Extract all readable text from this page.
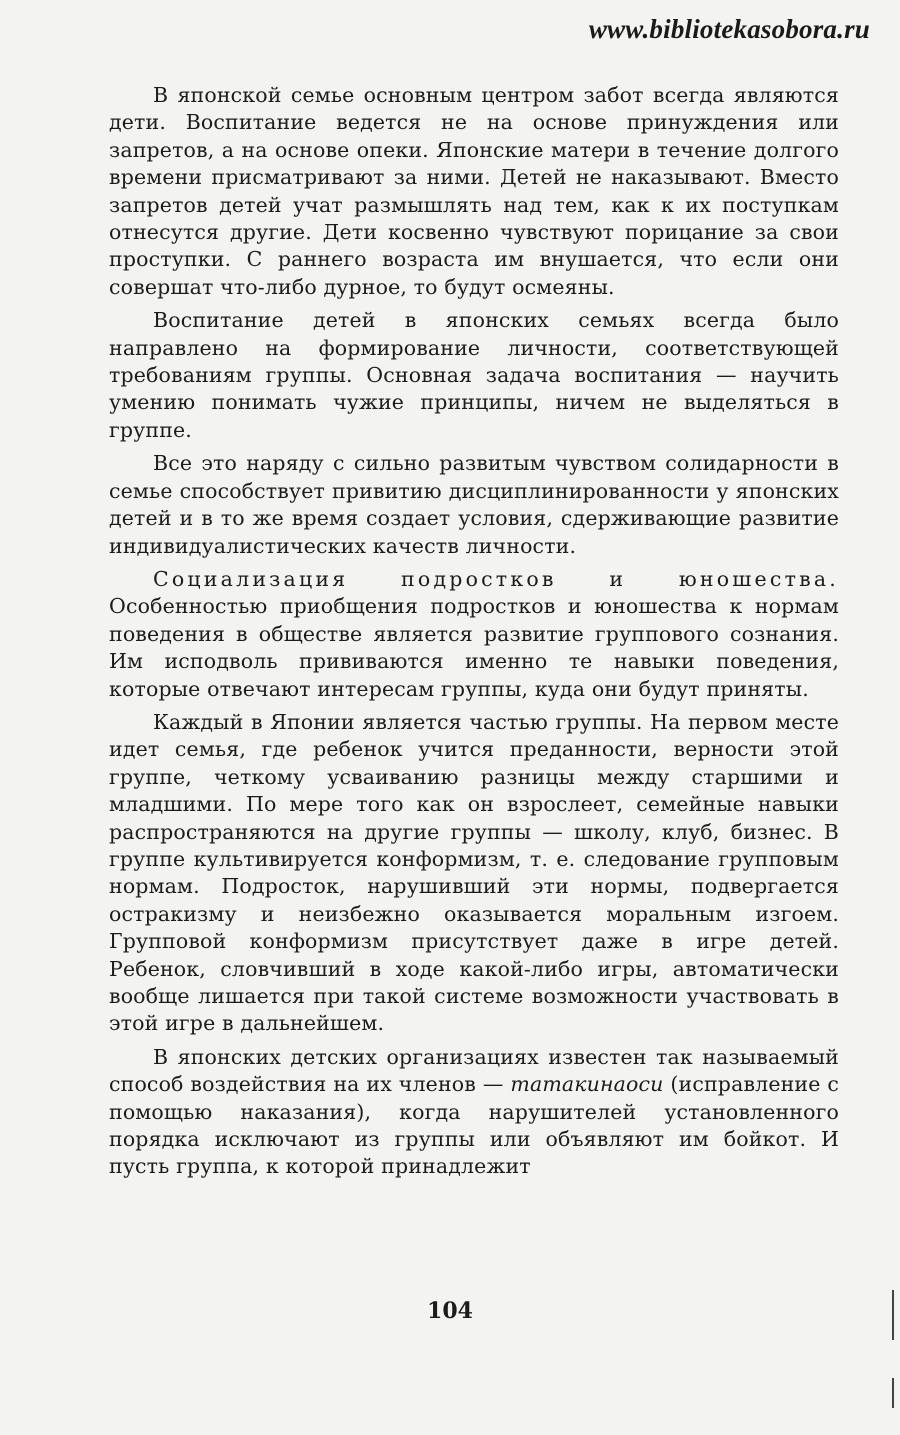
www.bibliotekasobora.ru

В японской семье основным центром забот всегда являются дети. Воспитание ведется не на основе принуждения или запретов, а на основе опеки. Японские матери в течение долгого времени присматривают за ними. Детей не наказывают. Вместо запретов детей учат размышлять над тем, как к их поступкам отнесутся другие. Дети косвенно чувствуют порицание за свои проступки. С раннего возраста им внушается, что если они совершат что-либо дурное, то будут осмеяны.

Воспитание детей в японских семьях всегда было направлено на формирование личности, соответствующей требованиям группы. Основная задача воспитания — научить умению понимать чужие принципы, ничем не выделяться в группе.

Все это наряду с сильно развитым чувством солидарности в семье способствует привитию дисциплинированности у японских детей и в то же время создает условия, сдерживающие развитие индивидуалистических качеств личности.

Социализация подростков и юношества. Особенностью приобщения подростков и юношества к нормам поведения в обществе является развитие группового сознания. Им исподволь прививаются именно те навыки поведения, которые отвечают интересам группы, куда они будут приняты.

Каждый в Японии является частью группы. На первом месте идет семья, где ребенок учится преданности, верности этой группе, четкому усваиванию разницы между старшими и младшими. По мере того как он взрослеет, семейные навыки распространяются на другие группы — школу, клуб, бизнес. В группе культивируется конформизм, т. е. следование групповым нормам. Подросток, нарушивший эти нормы, подвергается остракизму и неизбежно оказывается моральным изгоем. Групповой конформизм присутствует даже в игре детей. Ребенок, словчивший в ходе какой-либо игры, автоматически вообще лишается при такой системе возможности участвовать в этой игре в дальнейшем.

В японских детских организациях известен так называемый способ воздействия на их членов — татакинаоси (исправление с помощью наказания), когда нарушителей установленного порядка исключают из группы или объявляют им бойкот. И пусть группа, к которой принадлежит

104
